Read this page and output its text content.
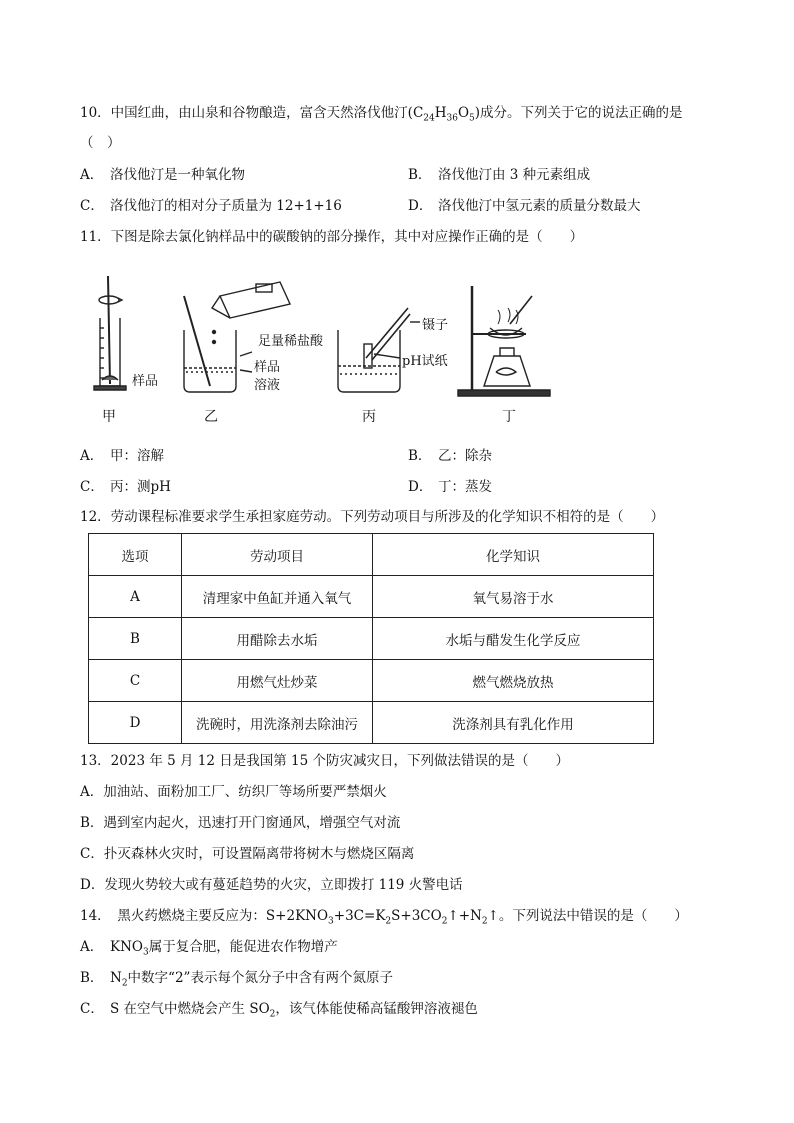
10．中国红曲，由山泉和谷物酿造，富含天然洛伐他汀$(C_{24}H_{36}O_5)$成分。下列关于它的说法正确的是
（　）
A． 洛伐他汀是一种氧化物	B． 洛伐他汀由 3 种元素组成
C． 洛伐他汀的相对分子质量为 12+1+16	D． 洛伐他汀中氢元素的质量分数最大
11．下图是除去氯化钠样品中的碳酸钠的部分操作，其中对应操作正确的是（　　）
样品
足量稀盐酸
样品
溶液
镊子
pH试纸
甲	乙	丙	丁
A． 甲：溶解	B． 乙：除杂
C． 丙：测pH	D． 丁：蒸发
12．劳动课程标准要求学生承担家庭劳动。下列劳动项目与所涉及的化学知识不相符的是（　　）
选项	劳动项目	化学知识
A	清理家中鱼缸并通入氧气	氧气易溶于水
B	用醋除去水垢	水垢与醋发生化学反应
C	用燃气灶炒菜	燃气燃烧放热
D	洗碗时，用洗涤剂去除油污	洗涤剂具有乳化作用
13．2023 年 5 月 12 日是我国第 15 个防灾减灾日，下列做法错误的是（　　）
A．加油站、面粉加工厂、纺织厂等场所要严禁烟火
B．遇到室内起火，迅速打开门窗通风，增强空气对流
C．扑灭森林火灾时，可设置隔离带将树木与燃烧区隔离
D．发现火势较大或有蔓延趋势的火灾，立即拨打 119 火警电话
14．　黑火药燃烧主要反应为：$S+2KNO_3+3C=K_2S+3CO_2↑+N_2↑$。下列说法中错误的是（　　）
A． $KNO_3$属于复合肥，能促进农作物增产
B． $N_2$中数字“2”表示每个氮分子中含有两个氮原子
C． S 在空气中燃烧会产生 $SO_2$，该气体能使稀高锰酸钾溶液褪色
